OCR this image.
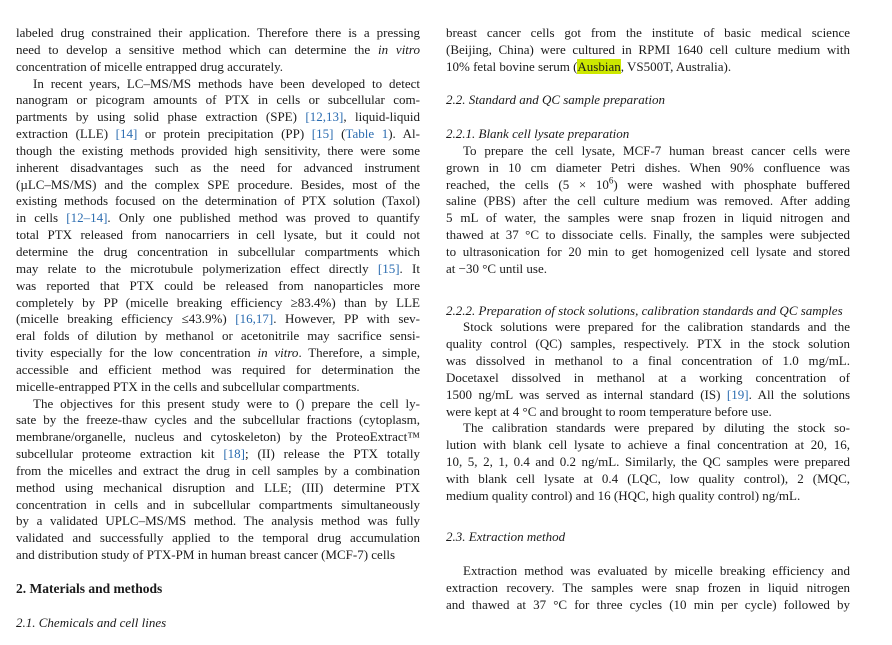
labeled drug constrained their application. Therefore there is a pressing
need to develop a sensitive method which can determine the in vitro
concentration of micelle entrapped drug accurately.
In recent years, LC–MS/MS methods have been developed to detect
nanogram or picogram amounts of PTX in cells or subcellular com-
partments by using solid phase extraction (SPE) [12,13], liquid-liquid
extraction (LLE) [14] or protein precipitation (PP) [15] (Table 1). Al-
though the existing methods provided high sensitivity, there were some
inherent disadvantages such as the need for advanced instrument
(µLC–MS/MS) and the complex SPE procedure. Besides, most of the
existing methods focused on the determination of PTX solution (Taxol)
in cells [12–14]. Only one published method was proved to quantify
total PTX released from nanocarriers in cell lysate, but it could not
determine the drug concentration in subcellular compartments which
may relate to the microtubule polymerization effect directly [15]. It
was reported that PTX could be released from nanoparticles more
completely by PP (micelle breaking efficiency ≥83.4%) than by LLE
(micelle breaking efficiency ≤43.9%) [16,17]. However, PP with sev-
eral folds of dilution by methanol or acetonitrile may sacrifice sensi-
tivity especially for the low concentration in vitro. Therefore, a simple,
accessible and efficient method was required for determination the
micelle-entrapped PTX in the cells and subcellular compartments.
The objectives for this present study were to () prepare the cell ly-
sate by the freeze-thaw cycles and the subcellular fractions (cytoplasm,
membrane/organelle, nucleus and cytoskeleton) by the ProteoExtract™
subcellular proteome extraction kit [18]; (II) release the PTX totally
from the micelles and extract the drug in cell samples by a combination
method using mechanical disruption and LLE; (III) determine PTX
concentration in cells and in subcellular compartments simultaneously
by a validated UPLC–MS/MS method. The analysis method was fully
validated and successfully applied to the temporal drug accumulation
and distribution study of PTX-PM in human breast cancer (MCF-7) cells
2. Materials and methods
2.1. Chemicals and cell lines
breast cancer cells got from the institute of basic medical science
(Beijing, China) were cultured in RPMI 1640 cell culture medium with
10% fetal bovine serum (Ausbian, VS500T, Australia).
2.2. Standard and QC sample preparation
2.2.1. Blank cell lysate preparation
To prepare the cell lysate, MCF-7 human breast cancer cells were
grown in 10 cm diameter Petri dishes. When 90% confluence was
reached, the cells $(5 \times 10^6)$ were washed with phosphate buffered
saline (PBS) after the cell culture medium was removed. After adding
5 mL of water, the samples were snap frozen in liquid nitrogen and
thawed at 37 °C to dissociate cells. Finally, the samples were subjected
to ultrasonication for 20 min to get homogenized cell lysate and stored
at −30 °C until use.
2.2.2. Preparation of stock solutions, calibration standards and QC samples
Stock solutions were prepared for the calibration standards and the
quality control (QC) samples, respectively. PTX in the stock solution
was dissolved in methanol to a final concentration of 1.0 mg/mL.
Docetaxel dissolved in methanol at a working concentration of
1500 ng/mL was served as internal standard (IS) [19]. All the solutions
were kept at 4 °C and brought to room temperature before use.
The calibration standards were prepared by diluting the stock so-
lution with blank cell lysate to achieve a final concentration at 20, 16,
10, 5, 2, 1, 0.4 and 0.2 ng/mL. Similarly, the QC samples were prepared
with blank cell lysate at 0.4 (LQC, low quality control), 2 (MQC,
medium quality control) and 16 (HQC, high quality control) ng/mL.
2.3. Extraction method
Extraction method was evaluated by micelle breaking efficiency and
extraction recovery. The samples were snap frozen in liquid nitrogen
and thawed at 37 °C for three cycles (10 min per cycle) followed by
